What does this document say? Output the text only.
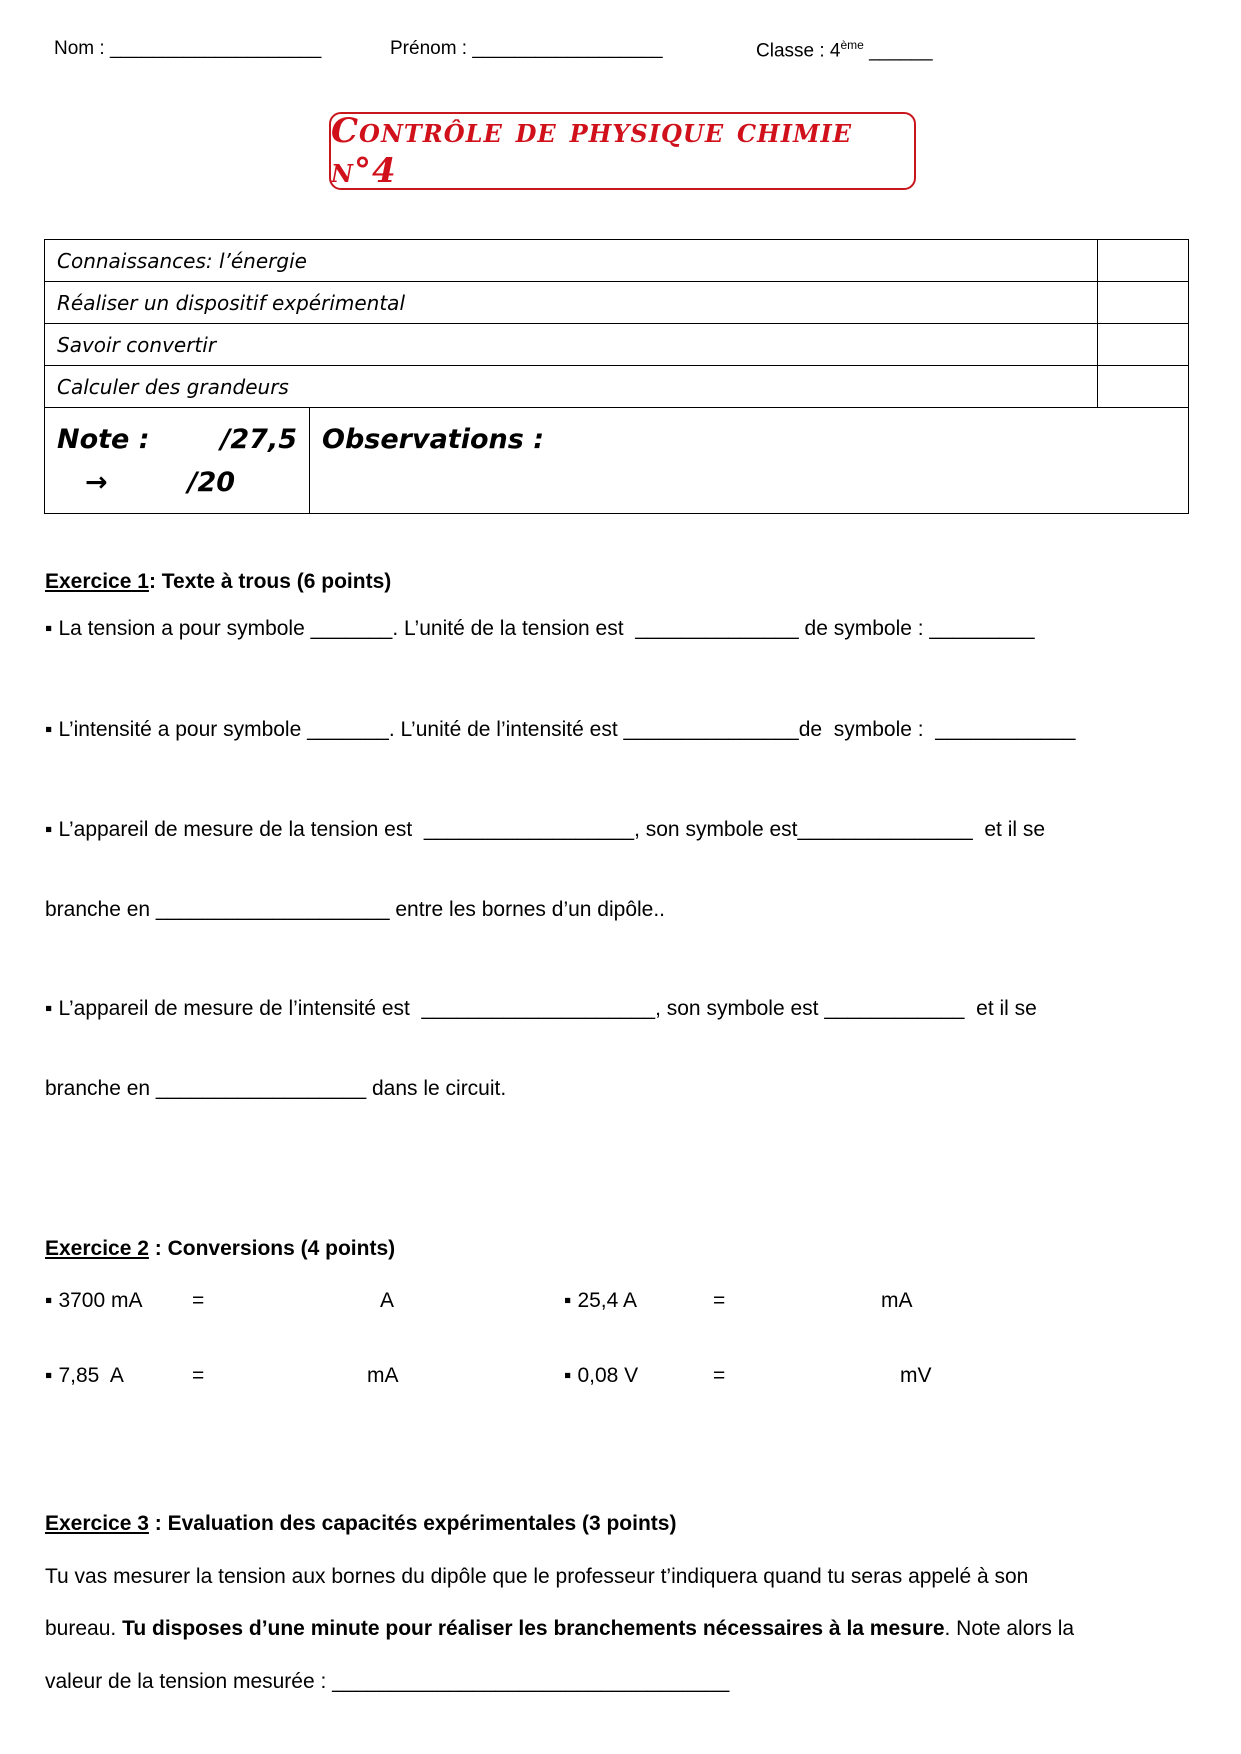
Nom : ____________________	Prénom : __________________	Classe : 4ème ______
Contrôle de physique chimie n°4
Connaissances: l’énergie		
Réaliser un dispositif expérimental		
Savoir convertir		
Calculer des grandeurs		

Note : /27,5
→ /20	Observations :	
Exercice 1: Texte à trous (6 points)
▪ La tension a pour symbole _______. L’unité de la tension est  ______________ de symbole : _________
▪ L’intensité a pour symbole _______. L’unité de l’intensité est _______________de  symbole :  ____________
▪ L’appareil de mesure de la tension est  __________________, son symbole est_______________  et il se
branche en ____________________ entre les bornes d’un dipôle..
▪ L’appareil de mesure de l’intensité est  ____________________, son symbole est ____________  et il se
branche en __________________ dans le circuit.
Exercice 2 : Conversions (4 points)
▪ 3700 mA =	A	▪ 25,4 A	=	mA
▪ 7,85  A	=	mA	▪ 0,08 V	=	mV
Exercice 3 : Evaluation des capacités expérimentales (3 points)
Tu vas mesurer la tension aux bornes du dipôle que le professeur t’indiquera quand tu seras appelé à son
bureau. Tu disposes d’une minute pour réaliser les branchements nécessaires à la mesure. Note alors la
valeur de la tension mesurée : __________________________________
